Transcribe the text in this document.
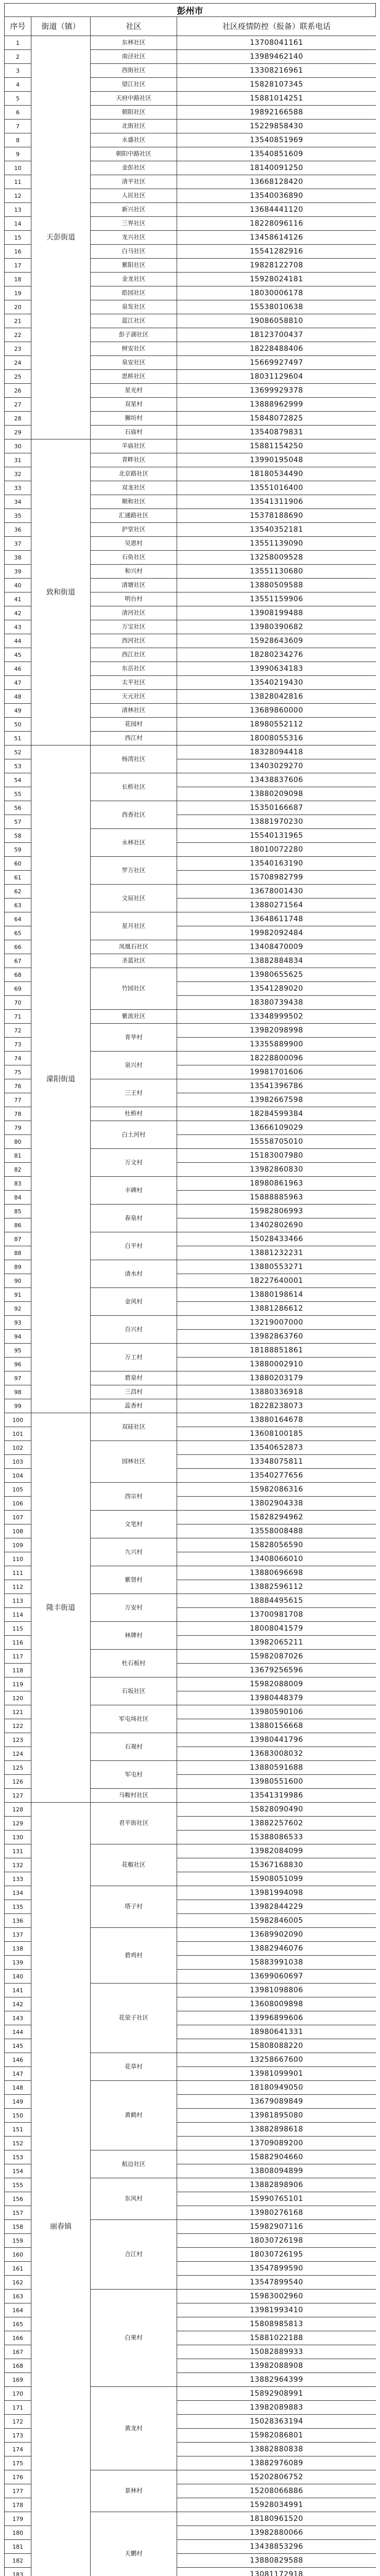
彭州市
序号	街道（镇）	社区	社区疫情防控（报备）联系电话
1	天彭街道	东林社区	13708041161
2		南泾社区	13989462140
3		西街社区	13308216961
4		望江社区	15828107345
5		天府中路社区	15881014251
6		朝阳社区	19892166588
7		北街社区	15229858430
8		永盛社区	13540851969
9		朝阳中路社区	13540851609
10		金彭社区	18140091250
11		清平社区	13668128420
12		人民社区	13540036890
13		新兴社区	13684441120
14		三界社区	18228096116
15		龙兴社区	13458614126
16		白马社区	15541282916
17		紫阳社区	19828122708
18		金龙社区	15928024181
19		皓园社区	18030006178
20		泉发社区	15538010638
21		蓝江社区	19086058810
22		彭子湖社区	18123700437
23		树安社区	18228488406
24		泉安社区	15669927497
25		思桥社区	18031129604
26		星光村	13699929378
27		双星村	13888962999
28		狮坊村	15848072825
29		石庙村	13540879831
30	致和街道	羊庙社区	15881154250
31		青畔社区	13990195048
32		北京路社区	18180534490
33		双龙社区	13551016400
34		顺和社区	13541311906
35		汇通路社区	15378188690
36		护堂社区	13540352181
37		吴恩村	13551139090
38		石鱼社区	13258009528
39		和兴村	13551130680
40		清塘社区	13880509588
41		明台村	13551159906
42		清河社区	13908199488
43		万宝社区	13980390682
44		西河社区	15928643609
45		西江社区	18280234276
46		东岳社区	13990634183
47		太平社区	13540219430
48		天元社区	13828042816
49		清林社区	13689860000
50		花园村	18980552112
51		西江村	18008055316
52	濛阳街道	杨湾社区	18328094418
53			13403029270
54		长桥社区	13438837606
55			13880209098
56		西香社区	15350166687
57			13881970230
58		永林社区	15540131965
59			18010072280
60		罗万社区	13540163190
61			15708982799
62		文辰社区	13678001430
63			13880271564
64		星月社区	13648611748
65			19982092484
66		凤凰石社区	13408470009
67		圣蓝社区	13882884834
68		竹园社区	13980655625
69			13541289020
70			18380739438
71		紫流社区	13348999502
72		青华村	13982098998
73			13355889900
74		泉兴村	18228800096
75			19981701606
76		三王村	13541396786
77			13982667598
78		杜桥村	18284599384
79		白土河村	13666109029
80			15558705010
81		万文村	15183007980
82			13982860830
83		丰碑村	18980861963
84			15888885963
85		春泉村	15982806993
86			13402802690
87		白平村	15028433466
88			13881232231
89		清水村	13880553271
90			18227640001
91		金风村	13880198614
92			13881286612
93		百兴村	13219007000
94			13982863760
95		万工村	18188851861
96			13880002910
97		碧泉村	13880203179
98		三昌村	13880336918
99		蕊香村	18228238073
100	隆丰街道	双硅社区	13880164678
101			13608100185
102		园林社区	13540652873
103			13348075811
104			13540277656
105		西宗村	15982086316
106			13802904338
107		文笔村	15828294962
108			13558008488
109		九兴村	15828056590
110			13408066010
111		紫贤村	13880696698
112			13882596112
113		万安村	18884495615
114			13700981708
115		林牌村	18008041579
116			13982065211
117		杜石板村	15982087026
118			13679256596
119		石坂社区	15982088009
120			13980448379
121		军屯场社区	13980590106
122			13880156668
123		石观村	13980441796
124			13683008032
125		军屯村	13880591688
126			13980551600
127		马鞍村社区	13541319986
128	丽春镇	君平街社区	15828090490
129			13882257602
130			15388086533
131		花椒社区	13982084099
132			15367168830
133			15908051099
134		塔子村	13981994098
135			13982844229
136			15982846005
137		碧鸡村	13689902090
138			13882946076
139			15883991038
140			13699060697
141		花荥子社区	13981098806
142			13608009898
143			13996899606
144			18980641331
145			15808088220
146		花草村	13258667600
147			13981099901
148		黄鹤村	18180949050
149			13679089849
150			13981895080
151			13882898618
152			13709089200
153		航边社区	15882904660
154			13808094899
155		东风村	13882898906
156			15990765101
157			13980276168
158		合江村	15982907116
159			18030726198
160			18030726195
161			13547899590
162			13547899540
163		白果村	15983002960
164			13981993410
165			15808985813
166			15881022188
167			15082889933
168			13982088908
169			13882964399
170		黄龙村	15892908991
171			13982089883
172			15028363194
173			15982086801
174			13882880838
175			13882976089
176		景林村	15202806752
177			15208066886
178			15928034991
179		天鹏村	18180961520
180			13982880066
181			13438853296
182			13880829588
183			13081172918
